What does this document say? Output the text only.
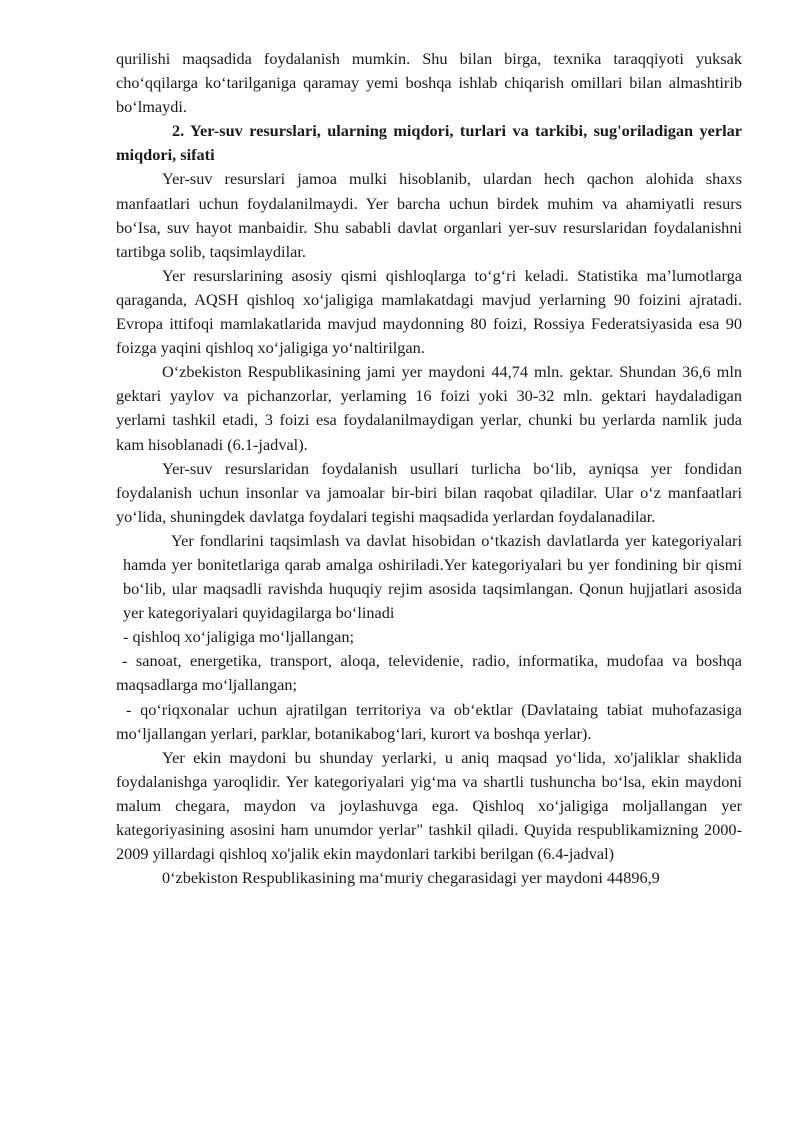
qurilishi maqsadida foydalanish mumkin. Shu bilan birga, texnika taraqqiyoti yuksak cho‘qqilarga ko‘tarilganiga qaramay yemi boshqa ishlab chiqarish omillari bilan almashtirib bo‘lmaydi.

2. Yer-suv resurslari, ularning miqdori, turlari va tarkibi, sug'oriladigan yerlar miqdori, sifati

Yer-suv resurslari jamoa mulki hisoblanib, ulardan hech qachon alohida shaxs manfaatlari uchun foydalanilmaydi. Yer barcha uchun birdek muhim va ahamiyatli resurs bo‘Isa, suv hayot manbaidir. Shu sababli davlat organlari yer-suv resurslaridan foydalanishni tartibga solib, taqsimlaydilar.

Yer resurslarining asosiy qismi qishloqlarga to‘g‘ri keladi. Statistika ma’lumotlarga qaraganda, AQSH qishloq xo‘jaligiga mamlakatdagi mavjud yerlarning 90 foizini ajratadi. Evropa ittifoqi mamlakatlarida mavjud maydonning 80 foizi, Rossiya Federatsiyasida esa 90 foizga yaqini qishloq xo‘jaligiga yo‘naltirilgan.

O‘zbekiston Respublikasining jami yer maydoni 44,74 mln. gektar. Shundan 36,6 mln gektari yaylov va pichanzorlar, yerlaming 16 foizi yoki 30-32 mln. gektari haydaladigan yerlami tashkil etadi, 3 foizi esa foydalanilmaydigan yerlar, chunki bu yerlarda namlik juda kam hisoblanadi (6.1-jadval).

Yer-suv resurslaridan foydalanish usullari turlicha bo‘lib, ayniqsa yer fondidan foydalanish uchun insonlar va jamoalar bir-biri bilan raqobat qiladilar. Ular o‘z manfaatlari yo‘lida, shuningdek davlatga foydalari tegishi maqsadida yerlardan foydalanadilar.

Yer fondlarini taqsimlash va davlat hisobidan o‘tkazish davlatlarda yer kategoriyalari hamda yer bonitetlariga qarab amalga oshiriladi.Yer kategoriyalari bu yer fondining bir qismi bo‘lib, ular maqsadli ravishda huquqiy rejim asosida taqsimlangan. Qonun hujjatlari asosida yer kategoriyalari quyidagilarga bo‘linadi

- qishloq xo‘jaligiga mo‘ljallangan;

- sanoat, energetika, transport, aloqa, televidenie, radio, informatika, mudofaa va boshqa maqsadlarga mo‘ljallangan;

- qo‘riqxonalar uchun ajratilgan territoriya va ob‘ektlar (Davlataing tabiat muhofazasiga mo‘ljallangan yerlari, parklar, botanikabog‘lari, kurort va boshqa yerlar).

Yer ekin maydoni bu shunday yerlarki, u aniq maqsad yo‘lida, xo'jaliklar shaklida foydalanishga yaroqlidir. Yer kategoriyalari yig‘ma va shartli tushuncha bo‘lsa, ekin maydoni malum chegara, maydon va joylashuvga ega. Qishloq xo‘jaligiga moljallangan yer kategoriyasining asosini ham unumdor yerlar" tashkil qiladi. Quyida respublikamizning 2000-2009 yillardagi qishloq xo'jalik ekin maydonlari tarkibi berilgan (6.4-jadval)

0‘zbekiston Respublikasining ma‘muriy chegarasidagi yer maydoni 44896,9
